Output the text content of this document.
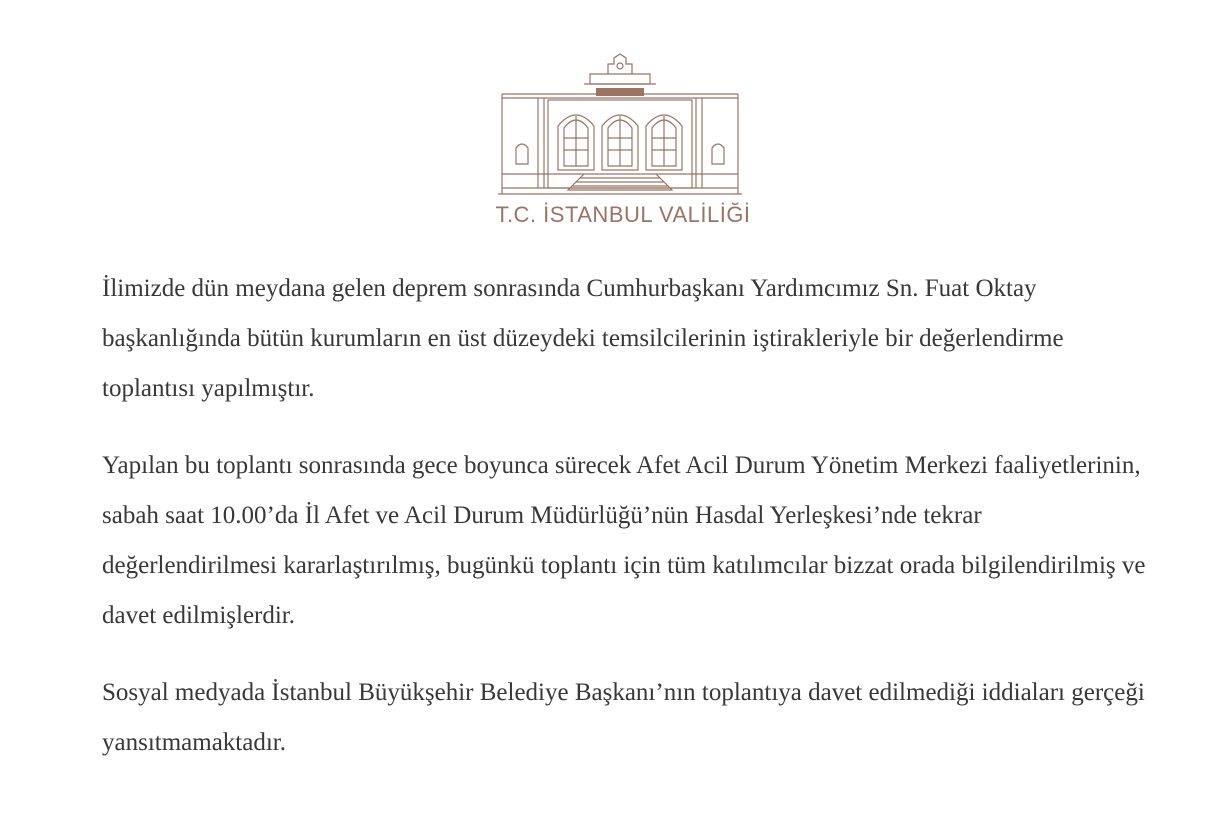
T.C. İSTANBUL VALİLİĞİ

İlimizde dün meydana gelen deprem sonrasında Cumhurbaşkanı Yardımcımız Sn. Fuat Oktay başkanlığında bütün kurumların en üst düzeydeki temsilcilerinin iştirakleriyle bir değerlendirme toplantısı yapılmıştır.

Yapılan bu toplantı sonrasında gece boyunca sürecek Afet Acil Durum Yönetim Merkezi faaliyetlerinin, sabah saat 10.00’da İl Afet ve Acil Durum Müdürlüğü’nün Hasdal Yerleşkesi’nde tekrar değerlendirilmesi kararlaştırılmış, bugünkü toplantı için tüm katılımcılar bizzat orada bilgilendirilmiş ve davet edilmişlerdir.

Sosyal medyada İstanbul Büyükşehir Belediye Başkanı’nın toplantıya davet edilmediği iddiaları gerçeği yansıtmamaktadır.
